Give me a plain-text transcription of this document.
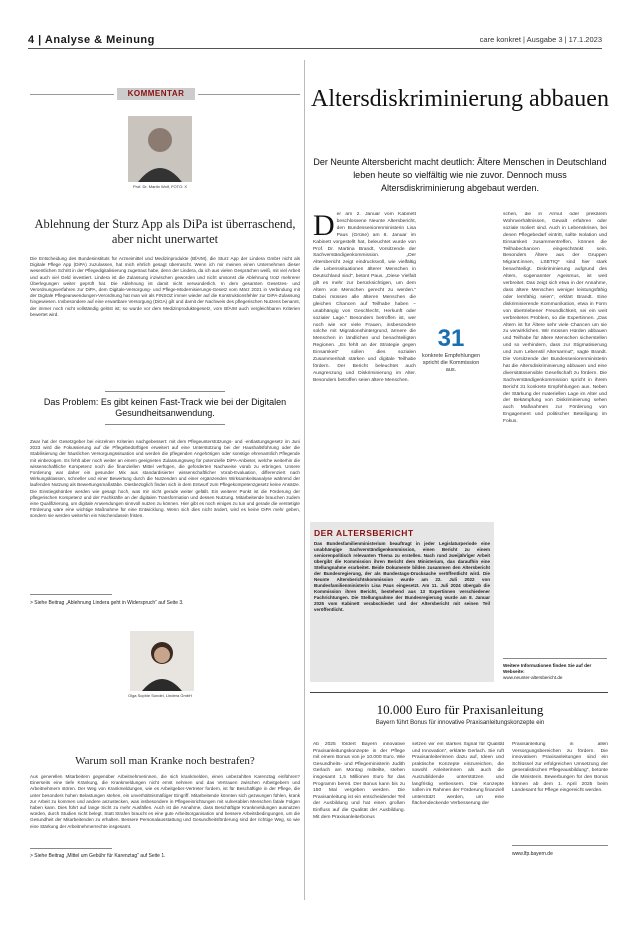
4 | Analyse & Meinung	care konkret | Ausgabe 3 | 17.1.2023
KOMMENTAR
Prof. Dr. Martin Wolf, FOTO: X
Ablehnung der Sturz App als DiPa ist überraschend, aber nicht unerwartet

Die Entscheidung des Bundesinstituts für Arzneimittel und Medizinprodukte (BfArM), die Sturz App der Lindera GmbH nicht als Digitale Pflege App (DiPA) zuzulassen, hat mich ehrlich gesagt überrascht. Wenn ich mir meinen einen Unternehmen dieser wesentlichen Schritt in der Pflegedigitalisierung zugetraut habe, denn der Lindera, da ich aus vielen Gesprächen weiß, mit viel Arbeit und auch viel Geld investiert. Lindera ist die Zulassung inzwischen geworden und nicht umsonst die Ablehnung trotz mehrerer Überlegungen weiter geprüft hat. Die Ablehnung ist damit nicht verwunderlich. In dem gesamten Gesetzes- und Verordnungsverfahren zur DiPA, dem Digitale-Versorgung- und Pflege-Modernisierungs-Gesetz vom März 2021 in Verbindung mit der Digitale Pflegeanwendungen-Verordnung hat man wir als FINSOZ immer wieder auf die Konstruktionsfehler zur DiPA-Zulassung hingewiesen. Insbesondere auf eine erwartbare Versorgung (DiGA) gilt und damit der Nachweis des pflegerischen Nutzens benannt, der immer noch nicht vollständig gelöst ist; so wurde vor dem Medizinproduktegesetz, vom BfArM auch vergleichbaren Kriterien bewertet wird.

Das Problem: Es gibt keinen Fast-Track wie bei der Digitalen Gesundheitsanwendung.

Zwar hat der Gesetzgeber bei einzelnen Kriterien nachgebessert: mit dem Pflegeunterstützungs- und -entlastungsgesetz im Juni 2023 wird die Fokussierung auf die Pflegebedürftigen erweitert auf eine Unterstützung bei der Haushaltsführung oder die Stabilisierung der häuslichen Versorgungssituation und werden die pflegenden Angehörigen oder sonstige ehrenamtlich Pflegende mit einbezogen. Es fehlt aber noch weiter an einem geeigneten Zulassungsweg für potenzielle DiPA-Anbieter, welche weiterhin die wissenschaftliche Kompetenz noch die finanziellen Mittel verfügen, die geforderten Nachweise vorab zu erbringen. Unsere Forderung war daher ein gesunder Mix aus standardisierter wissenschaftlicher Vorab-Evaluation, differenziert nach Wirkungsklassen, schneller und einer Bewertung durch die Nutzenden und einer ergänzenden Wirksamkeitsanalyse während der laufenden Nutzung als Bewertungsmaßstäbe. Diesbezüglich finden sich in dem Entwurf zum Pflegekompetenzgesetz keine Ansätze. Die Einstiegshürden werden wie gesagt hoch, was mir nicht gerade weiter gefällt. Ein weiterer Punkt ist die Förderung der pflegerischen Kompetenz und der Fachkräfte an der digitalen Transformation und dessen Nutzung. Mitarbeitende brauchen zudem eine Qualifizierung, um digitale Anwendungen sinnvoll nutzen zu können. Hier gibt es noch einiges zu tun und gerade die verstetigte Förderung wäre eine wichtige Maßnahme für eine Entwicklung. Wenn sich dies nicht ändert, wird es keine DiPA mehr geben, sondern sie werden weiterhin ein Nischendasein fristen.

> Siehe Beitrag „Ablehnung Lindera geht in Widerspruch“ auf Seite 3.
Olga Sophie Sondel, Lindera GmbH
Warum soll man Kranke noch bestrafen?

Aus generellen Mitarbeitern gegenüber Arbeitnehmerinnen, die sich krankmelden, einen unbezahlten Karenztag einführen? Einerseits eine tiefe Kränkung, die Krankmeldungen nicht ernst nehmen und das Vertrauen zwischen Arbeitgebern und Arbeitnehmern stören. Der Weg von Krankmeldungen, wie es Arbeitgeber-Vertreter fordern, ist für Beschäftigte in der Pflege, die unter besonders hohen Belastungen stehen, ein unverhältnismäßiger Eingriff. Mitarbeitende könnten sich gezwungen fühlen, krank zur Arbeit zu kommen und andere anzustecken, was insbesondere in Pflegeeinrichtungen mit vulnerablen Menschen fatale Folgen haben kann. Dies führt auf lange Sicht zu mehr Ausfällen. Auch ist die Annahme, dass Beschäftigte Krankmeldungen ausnutzen würden, durch Studien nicht belegt. Statt Strafen braucht es eine gute Arbeitsorganisation und bessere Arbeitsbedingungen, um die Gesundheit der Mitarbeitenden zu erhalten. Bessere Personalausstattung und Gesundheitsförderung sind der richtige Weg, so wie eine Stärkung der Arbeitnehmerrechte insgesamt.

> Siehe Beitrag „Mittel um Gebühr für Karenztag“ auf Seite 1.
Altersdiskriminierung abbauen
Der Neunte Altersbericht macht deutlich: Ältere Menschen in Deutschland leben heute so vielfältig wie nie zuvor. Dennoch muss Altersdiskriminierung abgebaut werden.
Der am 2. Januar vom Kabinett beschlossene Neunte Altersbericht, den Bundesseniorenministerin Lisa Paus (Grüne) am 8. Januar im Kabinett vorgestellt hat, beleuchtet wurde von Prof. Dr. Martina Brandt, Vorsitzende der Sachverständigenkommission. „Der Altersbericht zeigt eindrucksvoll, wie vielfältig die Lebenssituationen älterer Menschen in Deutschland sind“, betont Paus. „Diese Vielfalt gilt es mehr zur berücksichtigen, um dem Altern von Menschen gerecht zu werden.“ Dabei müssen alle älteren Menschen die gleichen Chancen auf Teilhabe haben – unabhängig von Geschlecht, Herkunft oder sozialer Lage.“ Besonders betroffen ist, wer noch wie vor viele Frauen, insbesondere solche mit Migrationshintergrund, ärmere die Menschen in ländlichen und benachteiligten Regionen. „Es fehlt an der Strategie gegen Einsamkeit“ sollen dies sozialen Zusammenhalt stärken und digitale Teilhabe fördern. Der Bericht beleuchtet auch Ausgrenzung und Diskriminierung im Alter. Besonders betroffen seien ältere Menschen.
31
konkrete Empfehlungen spricht die Kommission aus.

schen, die in Armut oder prekärem Wohnverhältnissen, Gewalt erfahren oder soziale Isoliert sind. Auch in Lebenskrisen, bei denen Pflegebedarf eintritt, sollte Isolation und Einsamkeit zusammentreffen, können die Teilhabechancen eingeschränkt sein. Besonders Ältere aus der Gruppen Migrant:innen, LSBTIQ* sind hier stark benachteiligt. Diskriminierung aufgrund des Alters, sogenannter Ageismus, ist weit verbreitet. Das zeigt sich etwa in der Annahme, dass ältere Menschen weniger leistungsfähig oder lernfähig seien“, erklärt Brandt. Eine diskriminierende Kommunikation, etwa in Form von übertriebener Freundlichkeit, sei ein weit verbreitetes Problem, so die Expertinnen. „Das Altern ist für Ältere sehr viele Chancen um sie zu verwirklichen. Wir müssen Hürden abbauen und Teilhabe für ältere Menschen sicherstellen und so verhindern, dass zur Stigmatisierung und zum Lebenstil Altersarmut“, sagte Brandt. Die Vorsitzende der Bundesseniorenministerin hat die Altersdiskriminierung abbauen und eine diversitätssensible Gesellschaft zu fördern. Die Sachverständigenkommission spricht in ihrem Bericht 31 konkrete Empfehlungen aus. Neben der Stärkung der materiellen Lage im Alter und der Bekämpfung von Diskriminierung sehen auch Maßnahmen zur Förderung von Engagement und politischer Beteiligung im Fokus.

Weitere Informationen finden Sie auf der Webseite:
www.neunter-altersbericht.de
DER ALTERSBERICHT
Das Bundesfamilienministerium beauftragt in jeder Legislaturperiode eine unabhängige Sachverständigenkommission, einen Bericht zu einem seniorenpolitisch relevanten Thema zu erstellen. Nach rund zweijähriger Arbeit übergibt die Kommission ihren Bericht dem Ministerium, das daraufhin eine Stellungnahme erarbeitet. Beide Dokumente bilden zusammen den Altersbericht der Bundesregierung, der als Bundestags-Drucksache veröffentlicht wird. Die Neunte Altersberichtskommission wurde am 22. Juli 2022 von Bundesfamilienministerin Lisa Paus eingesetzt. Am 11. Juli 2024 übergab die Kommission ihren Bericht, bestehend aus 13 Expertinnen verschiedener Fachrichtungen. Die Stellungnahme der Bundesregierung wurde am 8. Januar 2025 vom Kabinett verabschiedet und der Altersbericht mit seinen Teil veröffentlicht.
10.000 Euro für Praxisanleitung
Bayern führt Bonus für innovative Praxisanleitungskonzepte ein

Ab 2025 fördert Bayern innovative Praxisanleitungskonzepte in der Pflege mit einem Bonus von je 10.000 Euro. Wie Gesundheits- und Pflegeministerin Judith Gerlach am Montag mitteilte, stehen insgesamt 1,5 Millionen Euro für das Programm bereit. Der Bonus kann bis zu 150 Mal vergeben werden. Die Praxisanleitung ist ein entscheidender Teil der Ausbildung und hat einen großen Einfluss auf die Qualität der Ausbildung. Mit dem Praxisanleiterbonus

setzen wir ein starkes Signal für Qualität und Innovation“, erklärte Gerlach. Sie ruft Praxisanleiterinnen dazu auf, Ideen und praktische Konzepte einzureichen, die sowohl Anleiterinnen als auch die Auszubildende unterstützen und langfristig verbessern. Die Konzepte sollen im Rahmen der Förderung finanziell unterstützt werden, um eine flächendeckende Verbesserung der

Praxisanleitung in allen Versorgungsbereichen zu fördern. Die innovativen Praxisanleitungen sind ein Schlüssel zur erfolgreichen Umsetzung der generalistischen Pflegeausbildung“, betonte die Ministerin. Bewerbungen für den Bonus können ab dem 1. April 2025 beim Landesamt für Pflege eingereicht werden.

www.lfp.bayern.de
